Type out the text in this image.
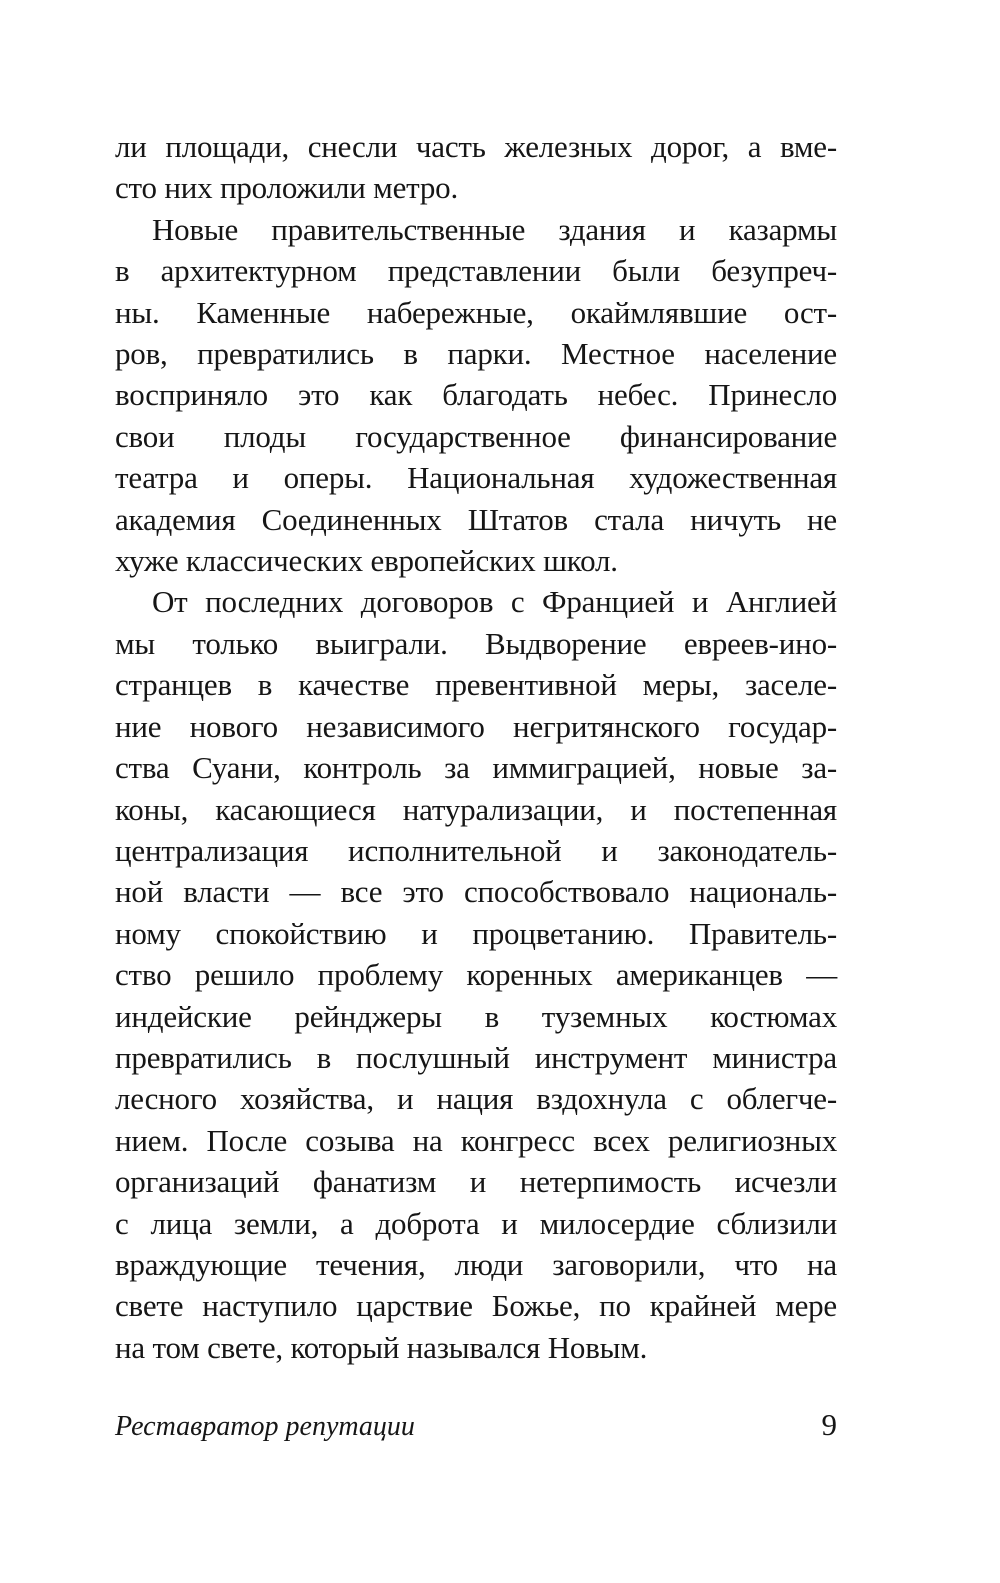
ли площади, снесли часть железных дорог, а вме-
сто них проложили метро.
Новые правительственные здания и казармы
в архитектурном представлении были безупреч-
ны. Каменные набережные, окаймлявшие ост-
ров, превратились в парки. Местное население
восприняло это как благодать небес. Принесло
свои плоды государственное финансирование
театра и оперы. Национальная художественная
академия Соединенных Штатов стала ничуть не
хуже классических европейских школ.
От последних договоров с Францией и Англией
мы только выиграли. Выдворение евреев-ино-
странцев в качестве превентивной меры, заселе-
ние нового независимого негритянского государ-
ства Суани, контроль за иммиграцией, новые за-
коны, касающиеся натурализации, и постепенная
централизация исполнительной и законодатель-
ной власти — все это способствовало националь-
ному спокойствию и процветанию. Правитель-
ство решило проблему коренных американцев —
индейские рейнджеры в туземных костюмах
превратились в послушный инструмент министра
лесного хозяйства, и нация вздохнула с облегче-
нием. После созыва на конгресс всех религиозных
организаций фанатизм и нетерпимость исчезли
с лица земли, а доброта и милосердие сблизили
враждующие течения, люди заговорили, что на
свете наступило царствие Божье, по крайней мере
на том свете, который назывался Новым.
Реставратор репутации	9
